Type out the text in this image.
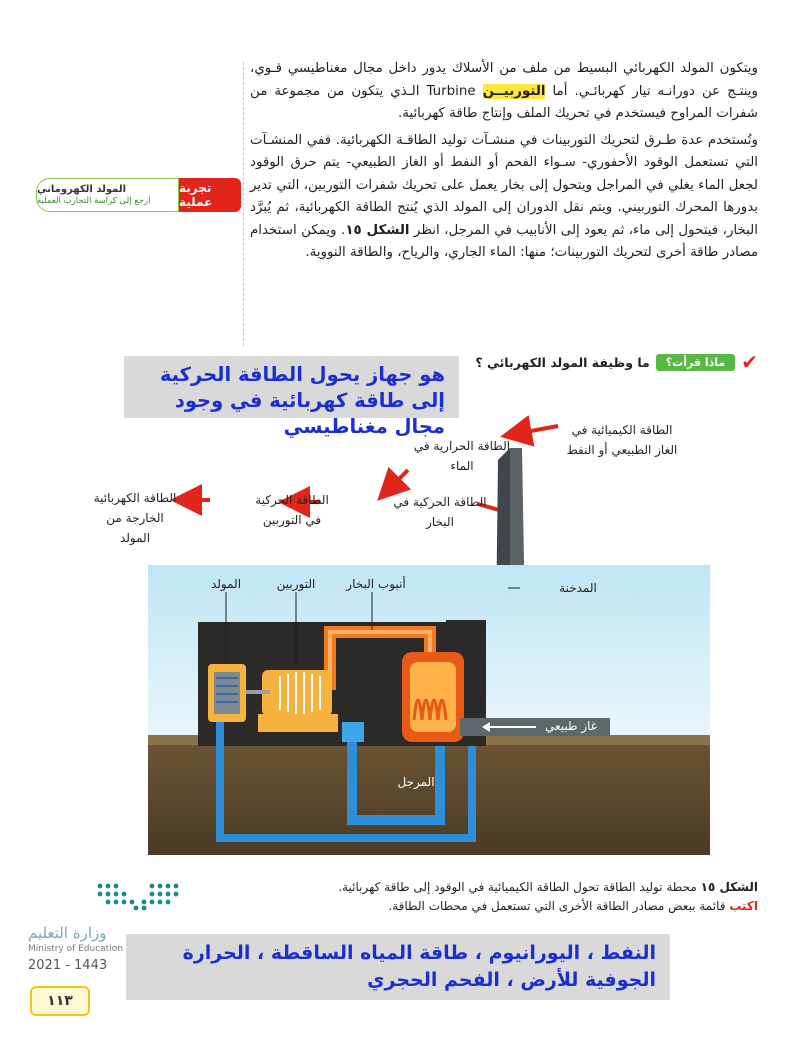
ويتكون المولد الكهربائي البسيط من ملف من الأسلاك يدور داخل مجال مغناطيسي قـوي، وينتـج عن دورانـه تيار كهربائـي. أما التوربيــن Turbine الـذي يتكون من مجموعة من شفرات المراوح فيستخدم في تحريك الملف وإنتاج طاقة كهربائية.

وتُستخدم عدة طـرق لتحريك التوربينات في منشـآت توليد الطاقـة الكهربائية. ففي المنشـآت التي تستعمل الوقود الأحفوري- سـواء الفحم أو النفط أو الغاز الطبيعي- يتم حرق الوقود لجعل الماء يغلي في المراجل ويتحول إلى بخار يعمل على تحريك شفرات التوربين، التي تدير بدورها المحرك التوربيني. ويتم نقل الدوران إلى المولد الذي يُنتج الطاقة الكهربائية، ثم يُبرَّد البخار، فيتحول إلى ماء، ثم يعود إلى الأنابيب في المرجل، انظر الشكل ١٥. ويمكن استخدام مصادر طاقة أخرى لتحريك التوربينات؛ منها: الماء الجاري، والرياح، والطاقة النووية.

المولد الكهروماني
ارجع إلى كراسة التجارب العملية
تجربة عملية
✔
ماذا قرأت؟
ما وظيفة المولد الكهربائي ؟
هو جهاز يحول الطاقة الحركية إلى طاقة كهربائية في وجود مجال مغناطيسي	الطاقة الكيميائية في الغاز الطبيعي أو النفط
الطاقة الحرارية في الماء
الطاقة الحركية في البخار
الطاقة الحركية في التوربين
الطاقة الكهربائية الخارجة من المولد
المولد	التوربين	أنبوب البخار	المدخنة
غاز طبيعي
المرجل
الشكل ١٥ محطة توليد الطاقة تحول الطاقة الكيميائية في الوقود إلى طاقة كهربائية.
اكتب قائمة ببعض مصادر الطاقة الأخرى التي تستعمل في محطات الطاقة.
النفط ، اليورانيوم ، طاقة المياه الساقطة ، الحرارة الجوفية للأرض ، الفحم الحجري
وزارة التعليم
Ministry of Education
2021 - 1443
١١٣
